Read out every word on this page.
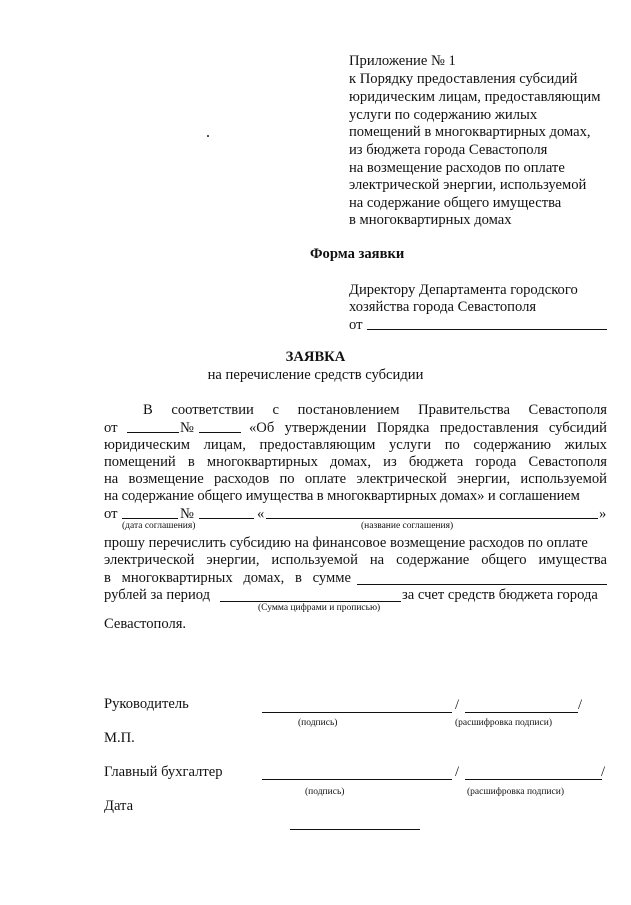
Приложение № 1
к Порядку предоставления субсидий
юридическим лицам, предоставляющим
услуги по содержанию жилых
помещений в многоквартирных домах,
из бюджета города Севастополя
на возмещение расходов по оплате
электрической энергии, используемой
на содержание общего имущества
в многоквартирных домах
Форма заявки
Директору Департамента городского
хозяйства города Севастополя
от
ЗАЯВКА
на перечисление средств субсидии
В соответствии с постановлением Правительства Севастополя
от	№	«Об утверждении Порядка предоставления субсидий
юридическим лицам, предоставляющим услуги по содержанию жилых
помещений в многоквартирных домах, из бюджета города Севастополя
на возмещение расходов по оплате электрической энергии, используемой
на содержание общего имущества в многоквартирных домах» и соглашением
от	№	«	»
(дата соглашения)	(название соглашения)
прошу перечислить субсидию на финансовое возмещение расходов по оплате
электрической энергии, используемой на содержание общего имущества
в многоквартирных домах, в сумме
рублей за период	за счет средств бюджета города
(Сумма цифрами и прописью)
Севастополя.
Руководитель	/	/
(подпись)	(расшифровка подписи)
М.П.
Главный бухгалтер	/	/
(подпись)	(расшифровка подписи)
Дата
